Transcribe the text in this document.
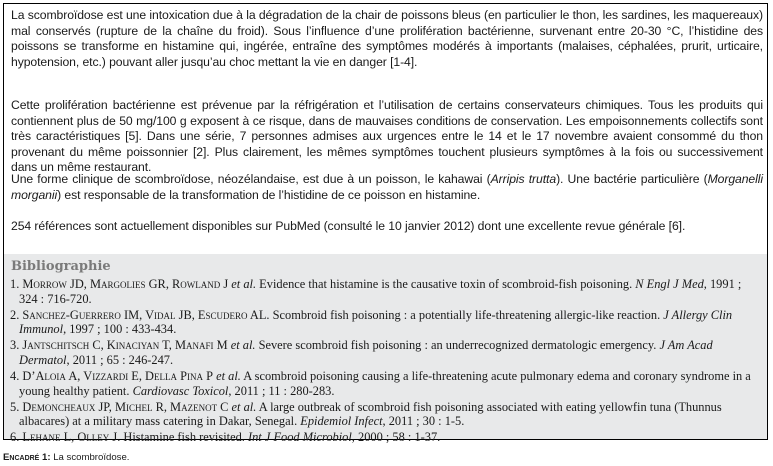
La scombroïdose est une intoxication due à la dégradation de la chair de poissons bleus (en particulier le thon, les sardines, les maquereaux) mal conservés (rupture de la chaîne du froid). Sous l’influence d’une prolifération bactérienne, survenant entre 20-30 °C, l’histidine des poissons se transforme en histamine qui, ingérée, entraîne des symptômes modérés à importants (malaises, céphalées, prurit, urticaire, hypotension, etc.) pouvant aller jusqu’au choc mettant la vie en danger [1-4].

Cette prolifération bactérienne est prévenue par la réfrigération et l’utilisation de certains conservateurs chimiques. Tous les produits qui contiennent plus de 50 mg/100 g exposent à ce risque, dans de mauvaises conditions de conservation. Les empoisonnements collectifs sont très caractéristiques [5]. Dans une série, 7 personnes admises aux urgences entre le 14 et le 17 novembre avaient consommé du thon provenant du même poissonnier [2]. Plus clairement, les mêmes symptômes touchent plusieurs symptômes à la fois ou successivement dans un même restaurant.

Une forme clinique de scombroïdose, néozélandaise, est due à un poisson, le kahawai (Arripis trutta). Une bactérie particulière (Morganelli morganii) est responsable de la transformation de l’histidine de ce poisson en histamine.

254 références sont actuellement disponibles sur PubMed (consulté le 10 janvier 2012) dont une excellente revue générale [6].

Bibliographie
1. Morrow JD, Margolies GR, Rowland J et al. Evidence that histamine is the causative toxin of scombroid-fish poisoning. N Engl J Med, 1991 ; 324 : 716-720.
2. Sanchez-Guerrero IM, Vidal JB, Escudero AL. Scombroid fish poisoning : a potentially life-threatening allergic-like reaction. J Allergy Clin Immunol, 1997 ; 100 : 433-434.
3. Jantschitsch C, Kinaciyan T, Manafi M et al. Severe scombroid fish poisoning : an underrecognized dermatologic emergency. J Am Acad Dermatol, 2011 ; 65 : 246-247.
4. D’Aloia A, Vizzardi E, Della Pina P et al. A scombroid poisoning causing a life-threatening acute pulmonary edema and coronary syndrome in a young healthy patient. Cardiovasc Toxicol, 2011 ; 11 : 280-283.
5. Demoncheaux JP, Michel R, Mazenot C et al. A large outbreak of scombroid fish poisoning associated with eating yellowfin tuna (Thunnus albacares) at a military mass catering in Dakar, Senegal. Epidemiol Infect, 2011 ; 30 : 1-5.
6. Lehane L, Olley J. Histamine fish revisited. Int J Food Microbiol, 2000 ; 58 : 1-37.

Encadré 1: La scombroïdose.
